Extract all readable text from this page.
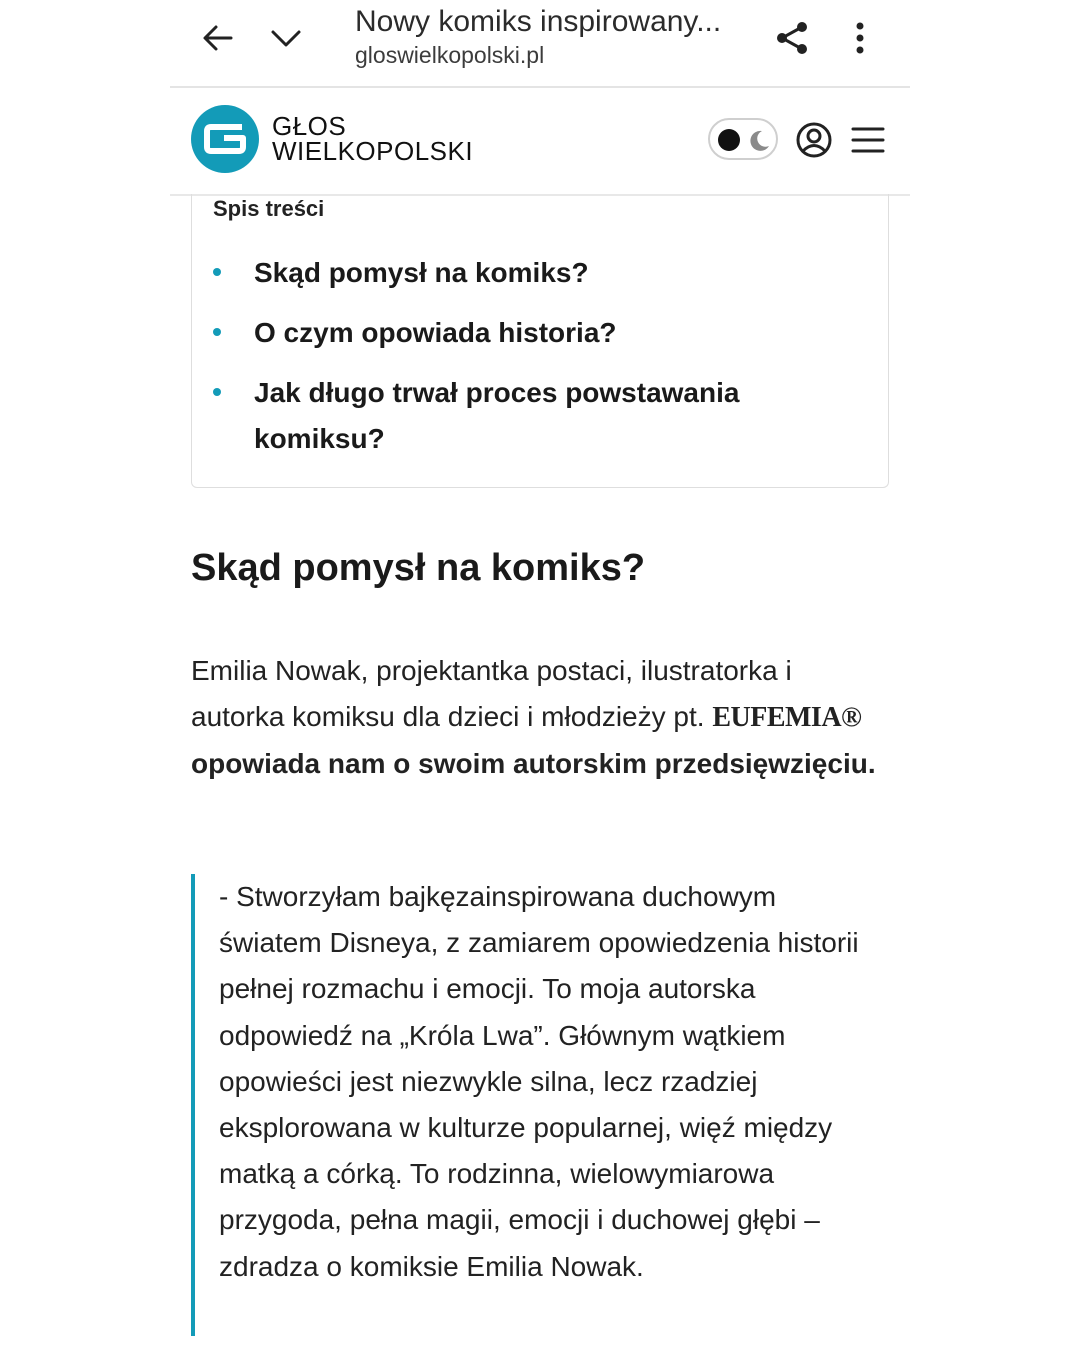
Nowy komiks inspirowany...
gloswielkopolski.pl
GŁOS
WIELKOPOLSKI
Spis treści
Skąd pomysł na komiks?
O czym opowiada historia?
Jak długo trwał proces powstawania komiksu?
Skąd pomysł na komiks?

Emilia Nowak, projektantka postaci, ilustratorka i autorka komiksu dla dzieci i młodzieży pt. EUFEMIA® opowiada nam o swoim autorskim przedsięwzięciu.

- Stworzyłam bajkęzainspirowana duchowym światem Disneya, z zamiarem opowiedzenia historii pełnej rozmachu i emocji. To moja autorska odpowiedź na „Króla Lwa”. Głównym wątkiem opowieści jest niezwykle silna, lecz rzadziej eksplorowana w kulturze popularnej, więź między matką a córką. To rodzinna, wielowymiarowa przygoda, pełna magii, emocji i duchowej głębi – zdradza o komiksie Emilia Nowak.
